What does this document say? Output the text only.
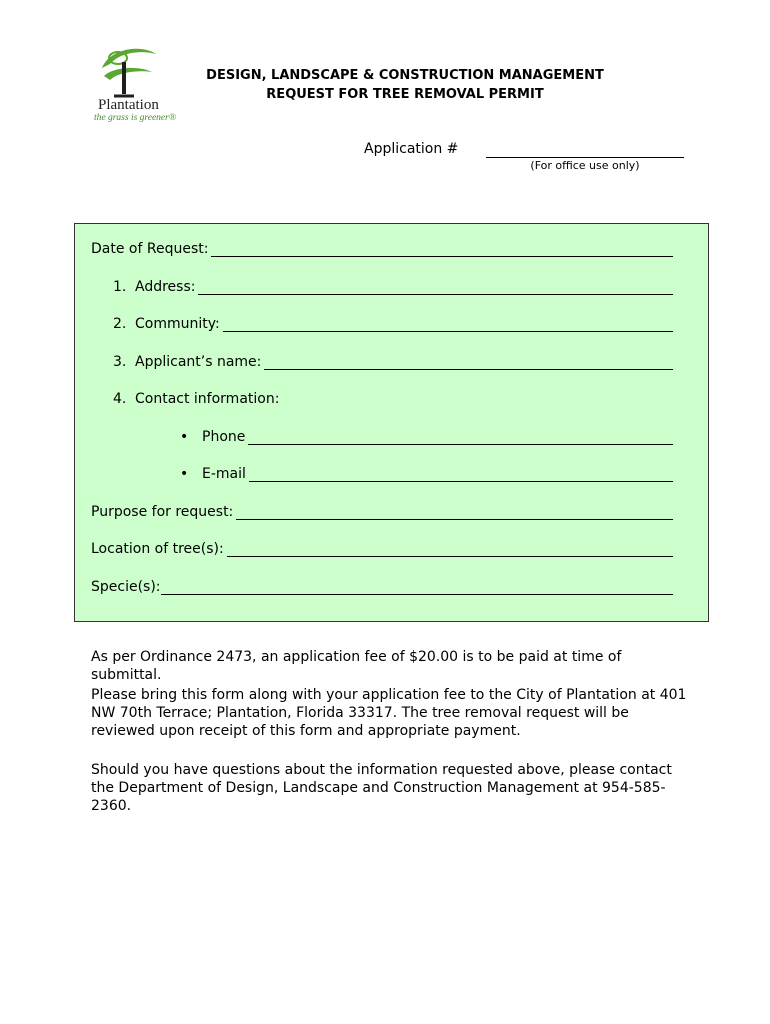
Plantation
the grass is greener®
DESIGN, LANDSCAPE & CONSTRUCTION MANAGEMENT
REQUEST FOR TREE REMOVAL PERMIT
Application #
(For office use only)
Date of Request:
1. Address:
2. Community:
3. Applicant’s name:
4. Contact information:
• Phone
• E-mail
Purpose for request:
Location of tree(s):
Specie(s):
As per Ordinance 2473, an application fee of $20.00 is to be paid at time of submittal.
Please bring this form along with your application fee to the City of Plantation at 401 NW 70th Terrace; Plantation, Florida 33317. The tree removal request will be reviewed upon receipt of this form and appropriate payment.
Should you have questions about the information requested above, please contact the Department of Design, Landscape and Construction Management at 954-585-2360.
